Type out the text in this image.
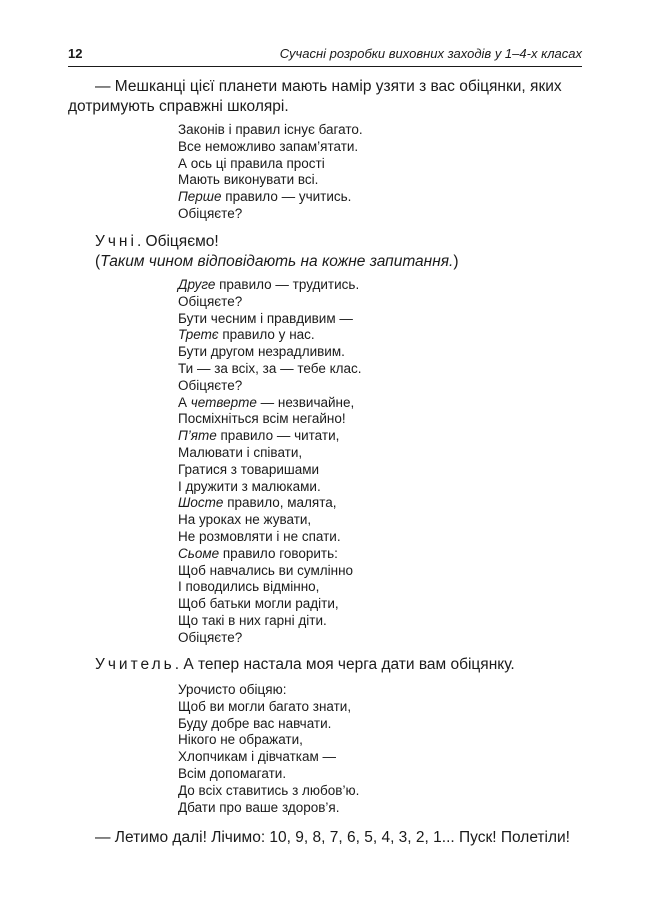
12	Сучасні розробки виховних заходів у 1–4-х класах

— Мешканці цієї планети мають намір узяти з вас обіцянки, яких дотримують справжні школярі.

Законів і правил існує багато.
Все неможливо запам’ятати.
А ось ці правила прості
Мають виконувати всі.
Перше правило — учитись.
Обіцяєте?

Учні. Обіцяємо!

(Таким чином відповідають на кожне запитання.)

Друге правило — трудитись.
Обіцяєте?
Бути чесним і правдивим —
Третє правило у нас.
Бути другом незрадливим.
Ти — за всіх, за — тебе клас.
Обіцяєте?
А четверте — незвичайне,
Посміхніться всім негайно!
П’яте правило — читати,
Малювати і співати,
Гратися з товаришами
І дружити з малюками.
Шосте правило, малята,
На уроках не жувати,
Не розмовляти і не спати.
Сьоме правило говорить:
Щоб навчались ви сумлінно
І поводились відмінно,
Щоб батьки могли радіти,
Що такі в них гарні діти.
Обіцяєте?

Учитель. А тепер настала моя черга дати вам обіцянку.

Урочисто обіцяю:
Щоб ви могли багато знати,
Буду добре вас навчати.
Нікого не ображати,
Хлопчикам і дівчаткам —
Всім допомагати.
До всіх ставитись з любов’ю.
Дбати про ваше здоров’я.

— Летимо далі! Лічимо: 10, 9, 8, 7, 6, 5, 4, 3, 2, 1... Пуск! Полетіли!
